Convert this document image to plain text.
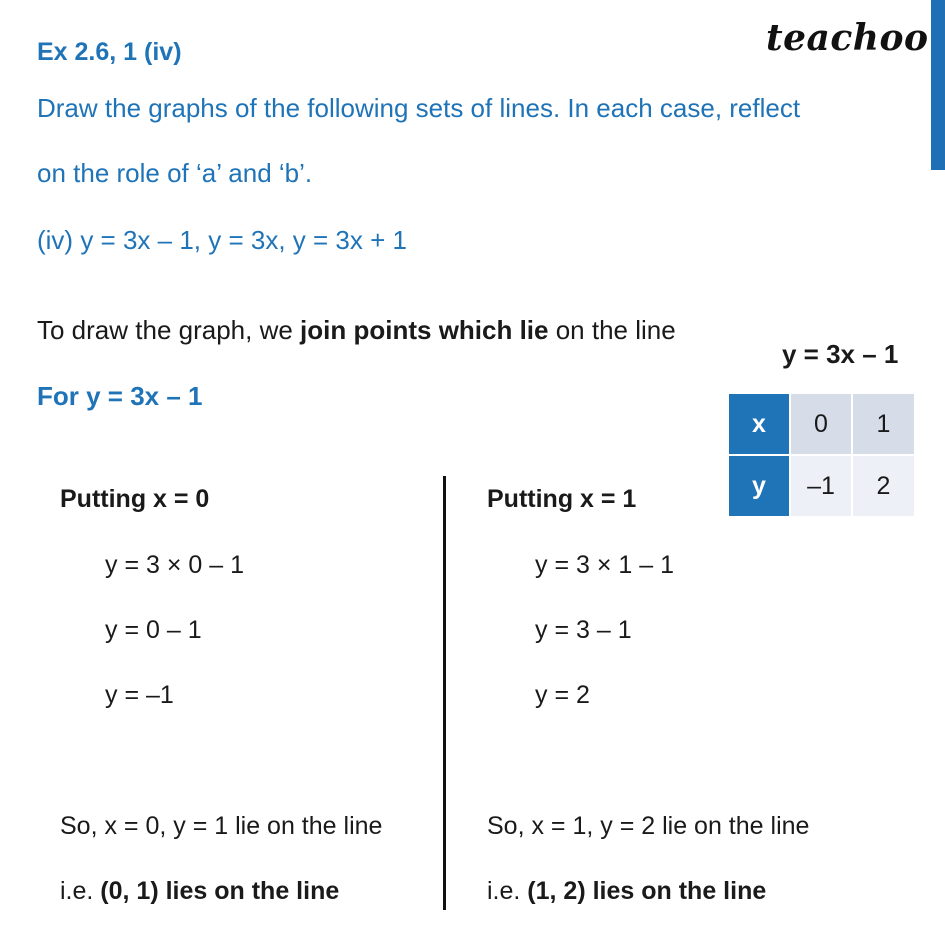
teachoo
Ex 2.6, 1 (iv)
Draw the graphs of the following sets of lines. In each case, reflect
on the role of ‘a’ and ‘b’.
(iv) y = 3x – 1, y = 3x, y = 3x + 1
To draw the graph, we join points which lie on the line
For y = 3x – 1
y = 3x – 1
x	0	1
y	–1	2
Putting x = 0
y = 3 × 0 – 1
y = 0 – 1
y = –1
So, x = 0, y = 1 lie on the line
i.e. (0, 1) lies on the line
Putting x = 1
y = 3 × 1 – 1
y = 3 – 1
y = 2
So, x = 1, y = 2 lie on the line
i.e. (1, 2) lies on the line
